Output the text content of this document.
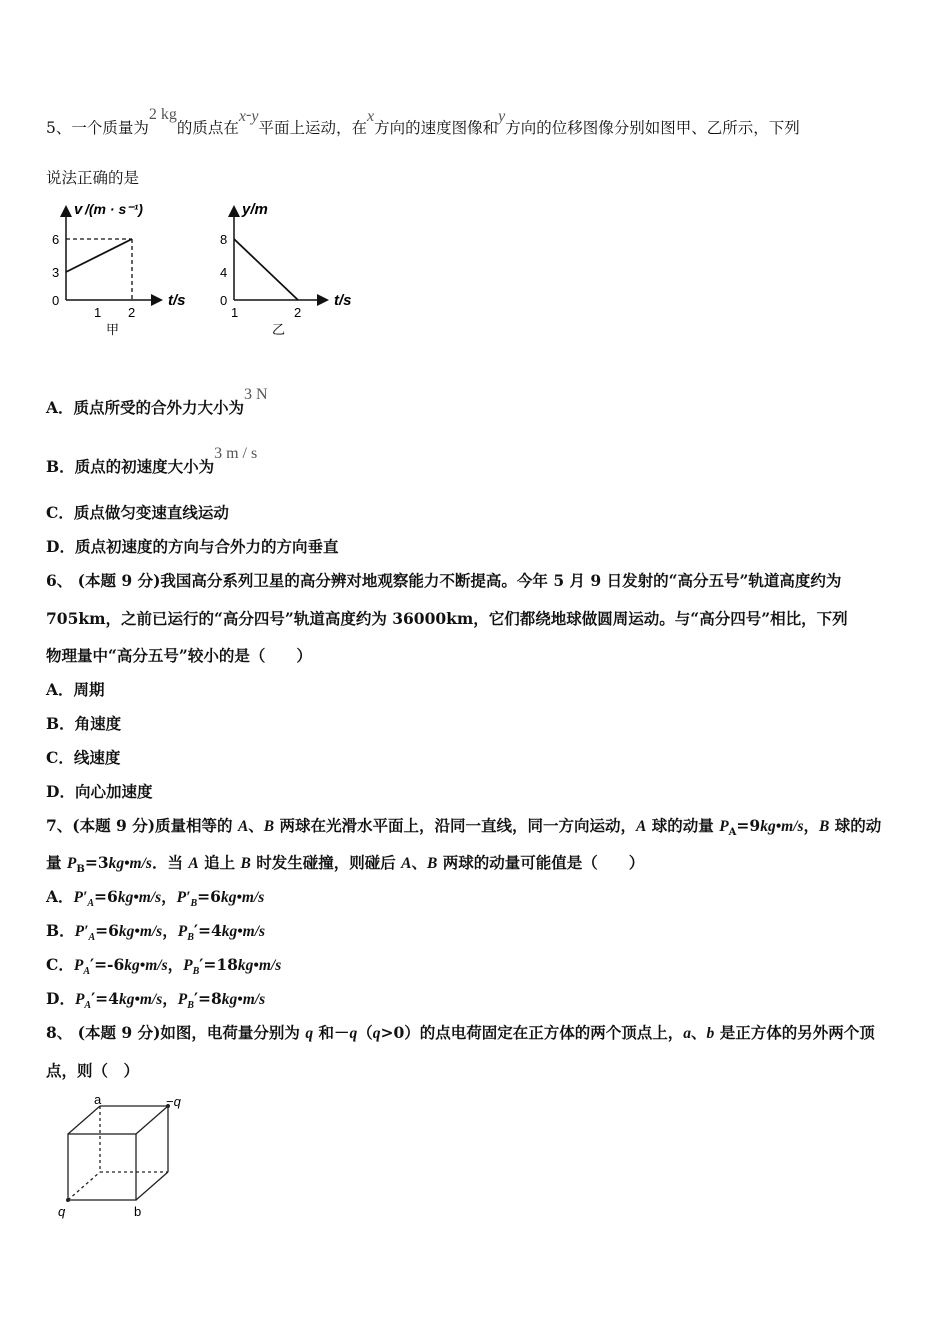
5、一个质量为2 kg的质点在x-y平面上运动，在x方向的速度图像和y方向的位移图像分别如图甲、乙所示，下列
说法正确的是
v /(m · s⁻¹)
6
3
0
1 2
t/s
甲
y/m
8
4
0
1	2
t/s
乙
A．质点所受的合外力大小为3 N
B．质点的初速度大小为3 m / s
C．质点做匀变速直线运动
D．质点初速度的方向与合外力的方向垂直
6、 (本题 9 分)我国高分系列卫星的高分辨对地观察能力不断提高。今年 5 月 9 日发射的“高分五号”轨道高度约为
705km，之前已运行的“高分四号”轨道高度约为 36000km，它们都绕地球做圆周运动。与“高分四号”相比，下列
物理量中“高分五号”较小的是（　　）
A．周期
B．角速度
C．线速度
D．向心加速度
7、(本题 9 分)质量相等的 A、B 两球在光滑水平面上，沿同一直线，同一方向运动，A 球的动量 $P_A=9kg•m/s$，B 球的动
量 $P_B=3kg•m/s$．当 A 追上 B 时发生碰撞，则碰后 A、B 两球的动量可能值是（　　）
A．$P'_A=6kg•m/s$，$P'_B=6kg•m/s$
B．$P'_A=6kg•m/s$，$P_B'=4kg•m/s$
C．$P_A'=-6kg•m/s$，$P_B'=18kg•m/s$
D．$P_A'=4kg•m/s$，$P_B'=8kg•m/s$
8、 (本题 9 分)如图，电荷量分别为 q 和－q（q>0）的点电荷固定在正方体的两个顶点上，a、b 是正方体的另外两个顶
点，则（　）
a	−q
q	b
